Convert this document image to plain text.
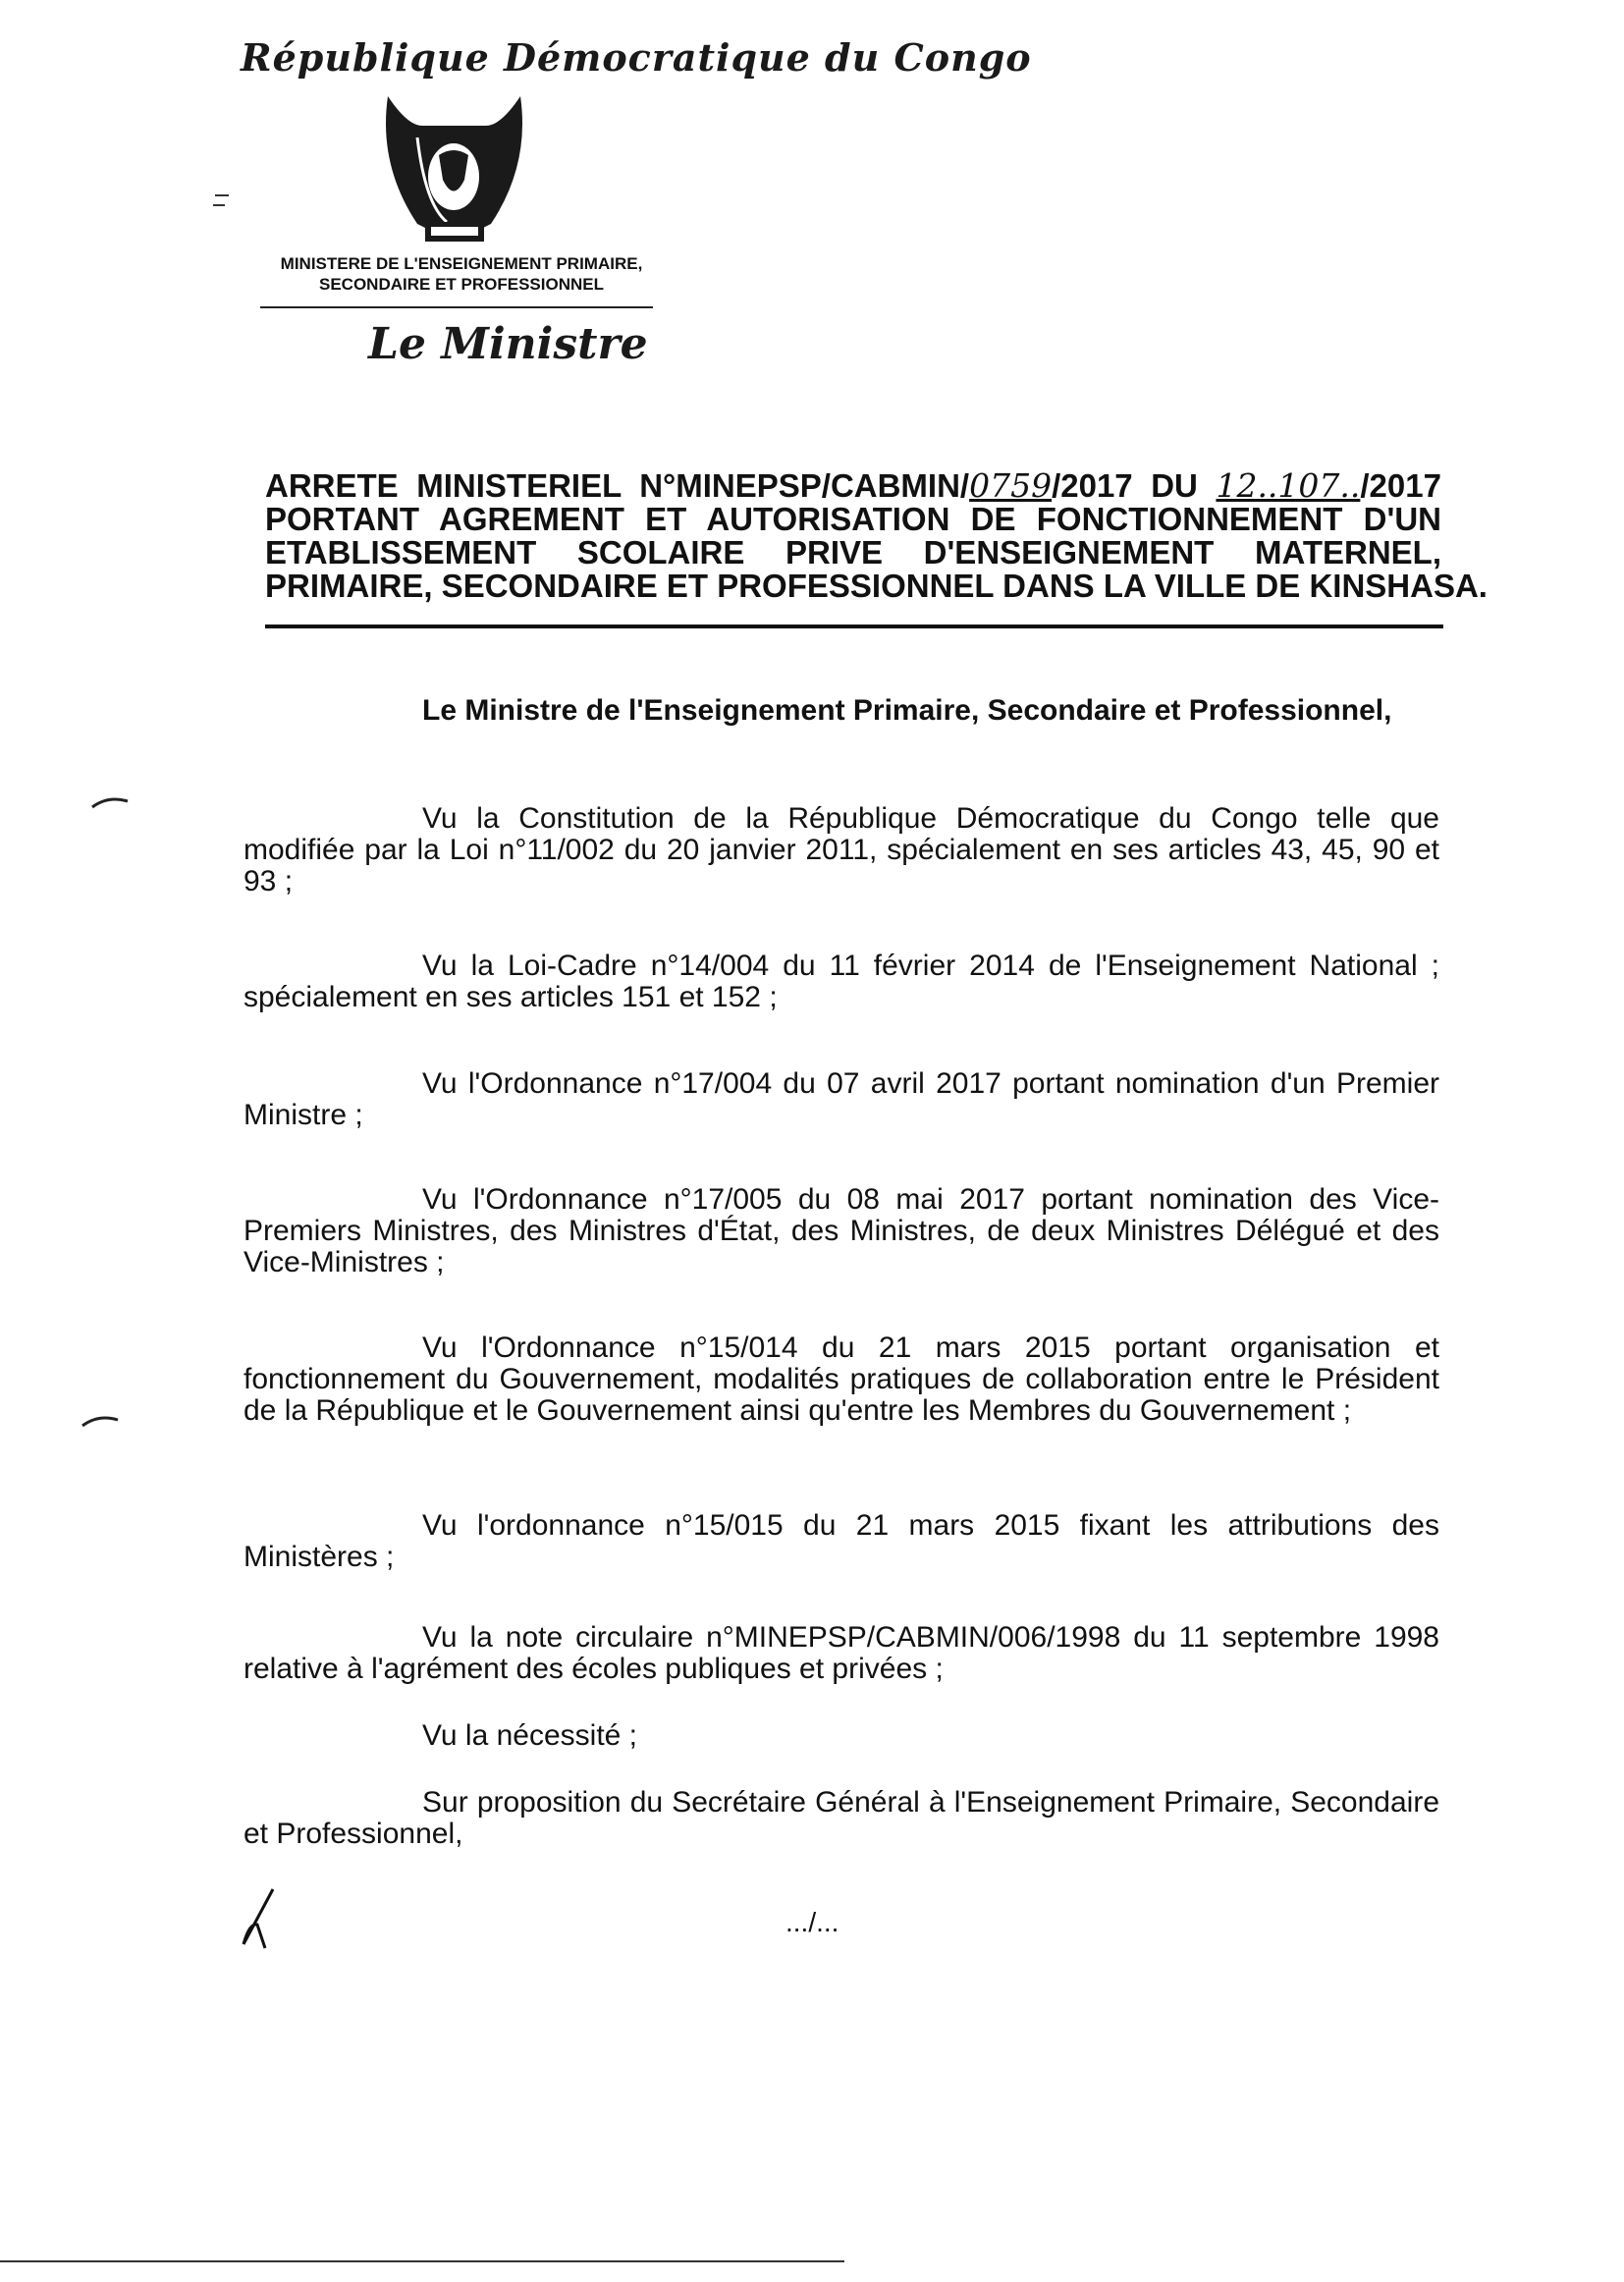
République Démocratique du Congo
MINISTERE DE L'ENSEIGNEMENT PRIMAIRE,
SECONDAIRE ET PROFESSIONNEL
Le Ministre
ARRETE MINISTERIEL N°MINEPSP/CABMIN/0759/2017 DU 12..107../2017
PORTANT AGREMENT ET AUTORISATION DE FONCTIONNEMENT D'UN
ETABLISSEMENT SCOLAIRE PRIVE D'ENSEIGNEMENT MATERNEL,
PRIMAIRE, SECONDAIRE ET PROFESSIONNEL DANS LA VILLE DE KINSHASA.
Le Ministre de l'Enseignement Primaire, Secondaire et Professionnel,
Vu la Constitution de la République Démocratique du Congo telle que modifiée par la Loi n°11/002 du 20 janvier 2011, spécialement en ses articles 43, 45, 90 et 93 ;
Vu la Loi-Cadre n°14/004 du 11 février 2014 de l'Enseignement National ; spécialement en ses articles 151 et 152 ;
Vu l'Ordonnance n°17/004 du 07 avril 2017 portant nomination d'un Premier Ministre ;
Vu l'Ordonnance n°17/005 du 08 mai 2017 portant nomination des Vice-Premiers Ministres, des Ministres d'État, des Ministres, de deux Ministres Délégué et des Vice-Ministres ;
Vu l'Ordonnance n°15/014 du 21 mars 2015 portant organisation et fonctionnement du Gouvernement, modalités pratiques de collaboration entre le Président de la République et le Gouvernement ainsi qu'entre les Membres du Gouvernement ;
Vu l'ordonnance n°15/015 du 21 mars 2015 fixant les attributions des Ministères ;
Vu la note circulaire n°MINEPSP/CABMIN/006/1998 du 11 septembre 1998 relative à l'agrément des écoles publiques et privées ;
Vu la nécessité ;
Sur proposition du Secrétaire Général à l'Enseignement Primaire, Secondaire et Professionnel,
.../...
